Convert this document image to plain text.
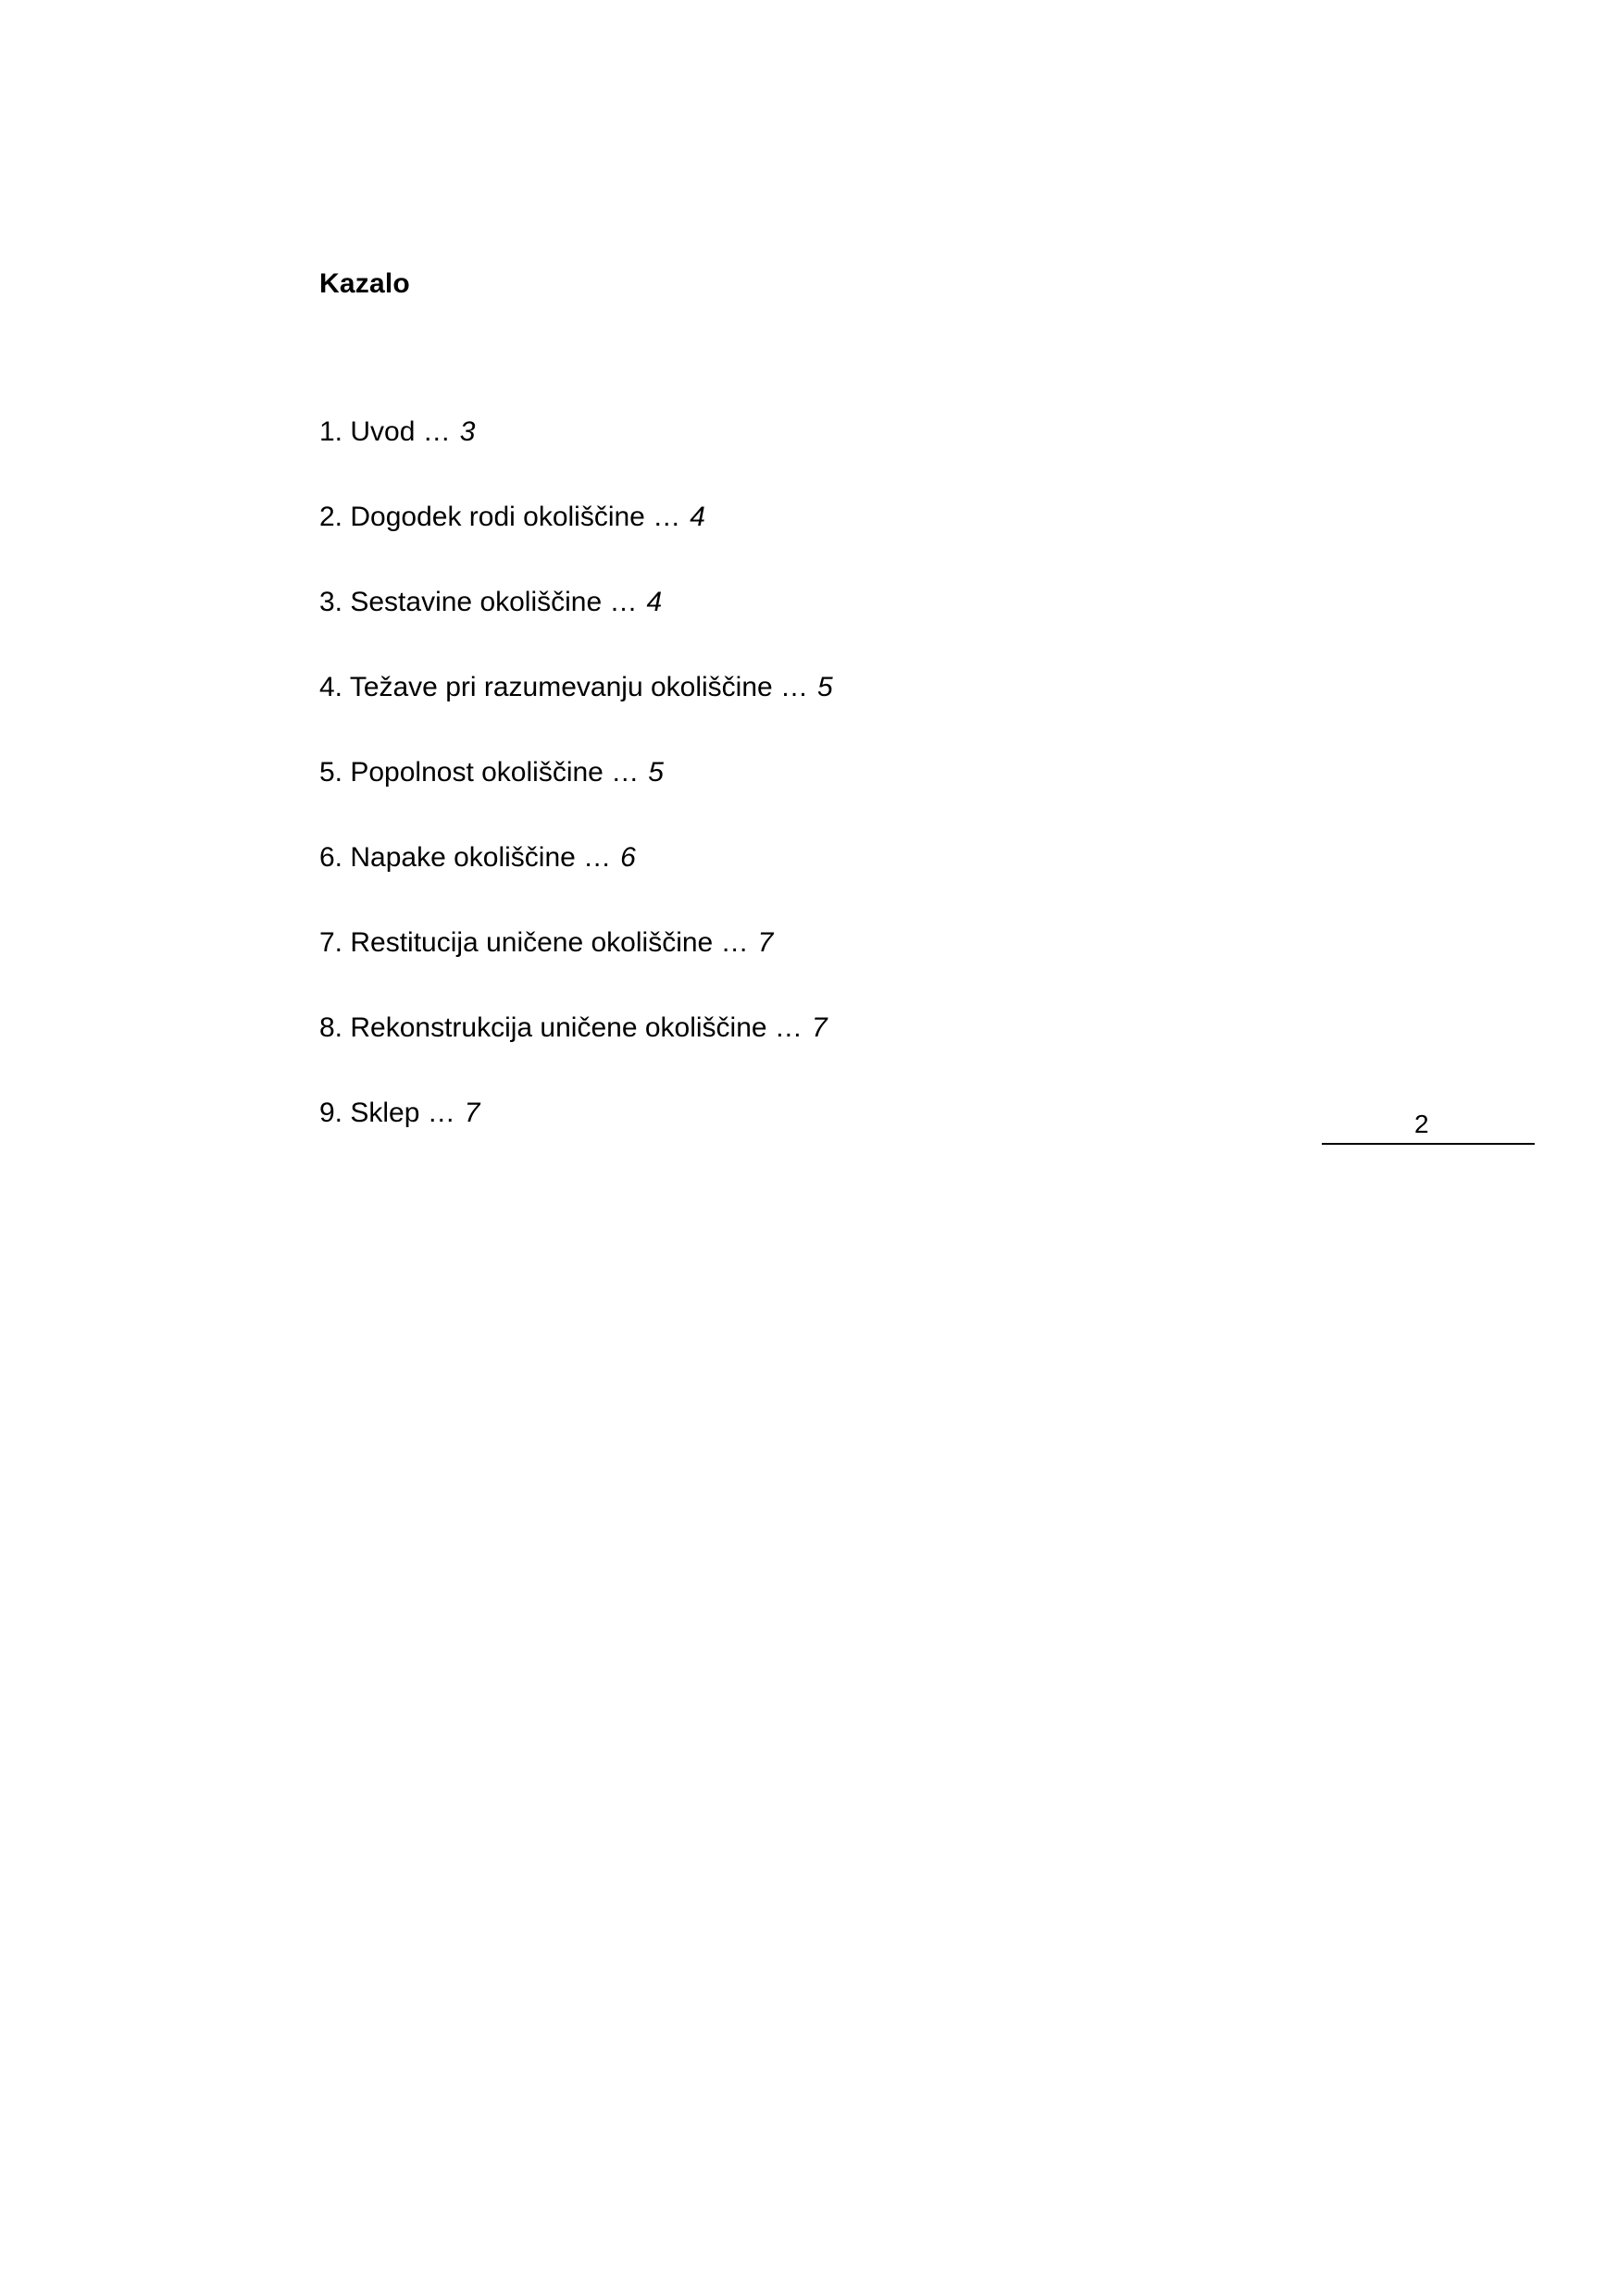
Kazalo
1. Uvod … 3
2. Dogodek rodi okoliščine … 4
3. Sestavine okoliščine … 4
4. Težave pri razumevanju okoliščine … 5
5. Popolnost okoliščine … 5
6. Napake okoliščine … 6
7. Restitucija uničene okoliščine … 7
8. Rekonstrukcija uničene okoliščine … 7
9. Sklep … 7	2
